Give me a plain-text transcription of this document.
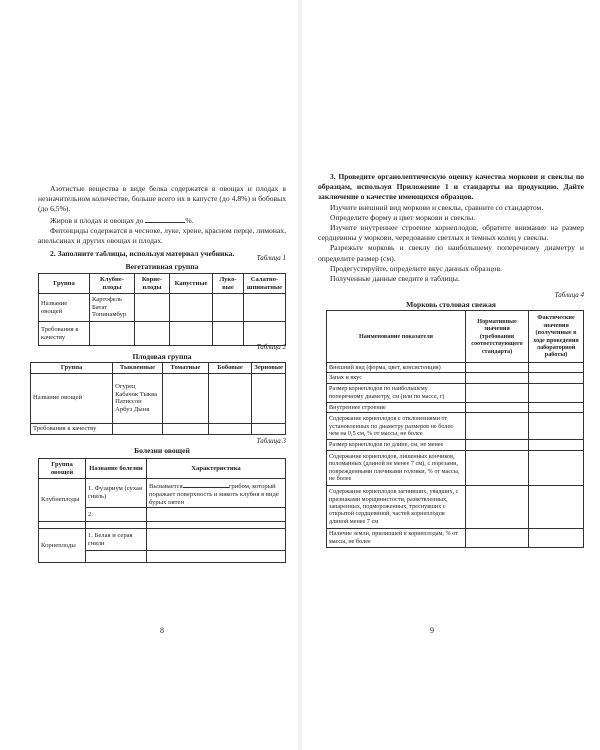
Азотистые вещества в виде белка содержатся в овощах и плодах в незначительном количестве, больше всего их в капусте (до 4,8%) и бобовых (до 6,5%).

Жиров в плодах и овощах до	%.

Фитонциды содержатся в чесноке, луке, хрене, красном перце, лимонах, апельсинах и других овощах и плодах.

2. Заполните таблицы, используя материал учебника.	Таблица 1
Вегетативная группа
Группа	Клубне-плоды	Корне-плоды	Капустные	Луко-вые	Салатно-шпинатные
Название овощей	Картофель Батат Топинамбур				
Требования к качеству					
Таблица 2
Плодовая группа
Группа	Тыквенные	Томатные	Бобовые	Зерновые
Название овощей	Огурец Кабачок Тыква Патиссон Арбуз Дыня			
Требования к качеству				
Таблица 3
Болезни овощей
Группа овощей	Название болезни	Характеристика
Клубнеплоды	1. Фузариум (сухая гниль)	Вызывается грибом, который поражает поверхность и мякоть клубня в виде бурых пятен
	2.	

Корнеплоды	1. Белая и серая гнили	

8

3. Проведите органолептическую оценку качества моркови и свеклы по образцам, используя Приложение 1 и стандарты на продукцию. Дайте заключение о качестве имеющихся образцов.

Изучите внешний вид моркови и свеклы, сравните со стандартом.

Определите форму и цвет моркови и свеклы.

Изучите внутреннее строение корнеплодов, обратите внимание на размер сердцевины у моркови, чередование светлых и темных колец у свеклы.

Разрежьте морковь и свеклу по наибольшему поперечному диаметру и определите размер (см).

Продегустируйте, определите вкус данных образцов.

Полученные данные сведите в таблицы.

Таблица 4
Морковь столовая свежая
Наименование показателя	Нормативные значения (требования соответствующего стандарта)	Фактические значения (полученные в ходе проведения лабораторной работы)
Внешний вид (форма, цвет, консистенция)		
Запах и вкус		
Размер корнеплодов по наибольшему поперечному диаметру, см (или по массе, г)		
Внутреннее строение		
Содержание корнеплодов с отклонениями от установленных по диаметру размеров не более чем на 0,5 см, % от массы, не более		
Размер корнеплодов по длине, см, не менее		
Содержание корнеплодов, лишенных кончиков, поломанных (длиной не менее 7 см), с порезами, поврежденными плечиками головки, % от массы, не более		
Содержание корнеплодов загнивших, увядших, с признаками морщинистости, разветвленных, запаренных, подмороженных, треснувших с открытой сердцевиной, частей корнеплодов длиной менее 7 см		
Наличие земли, прилипшей к корнеплодам, % от массы, не более		
9
